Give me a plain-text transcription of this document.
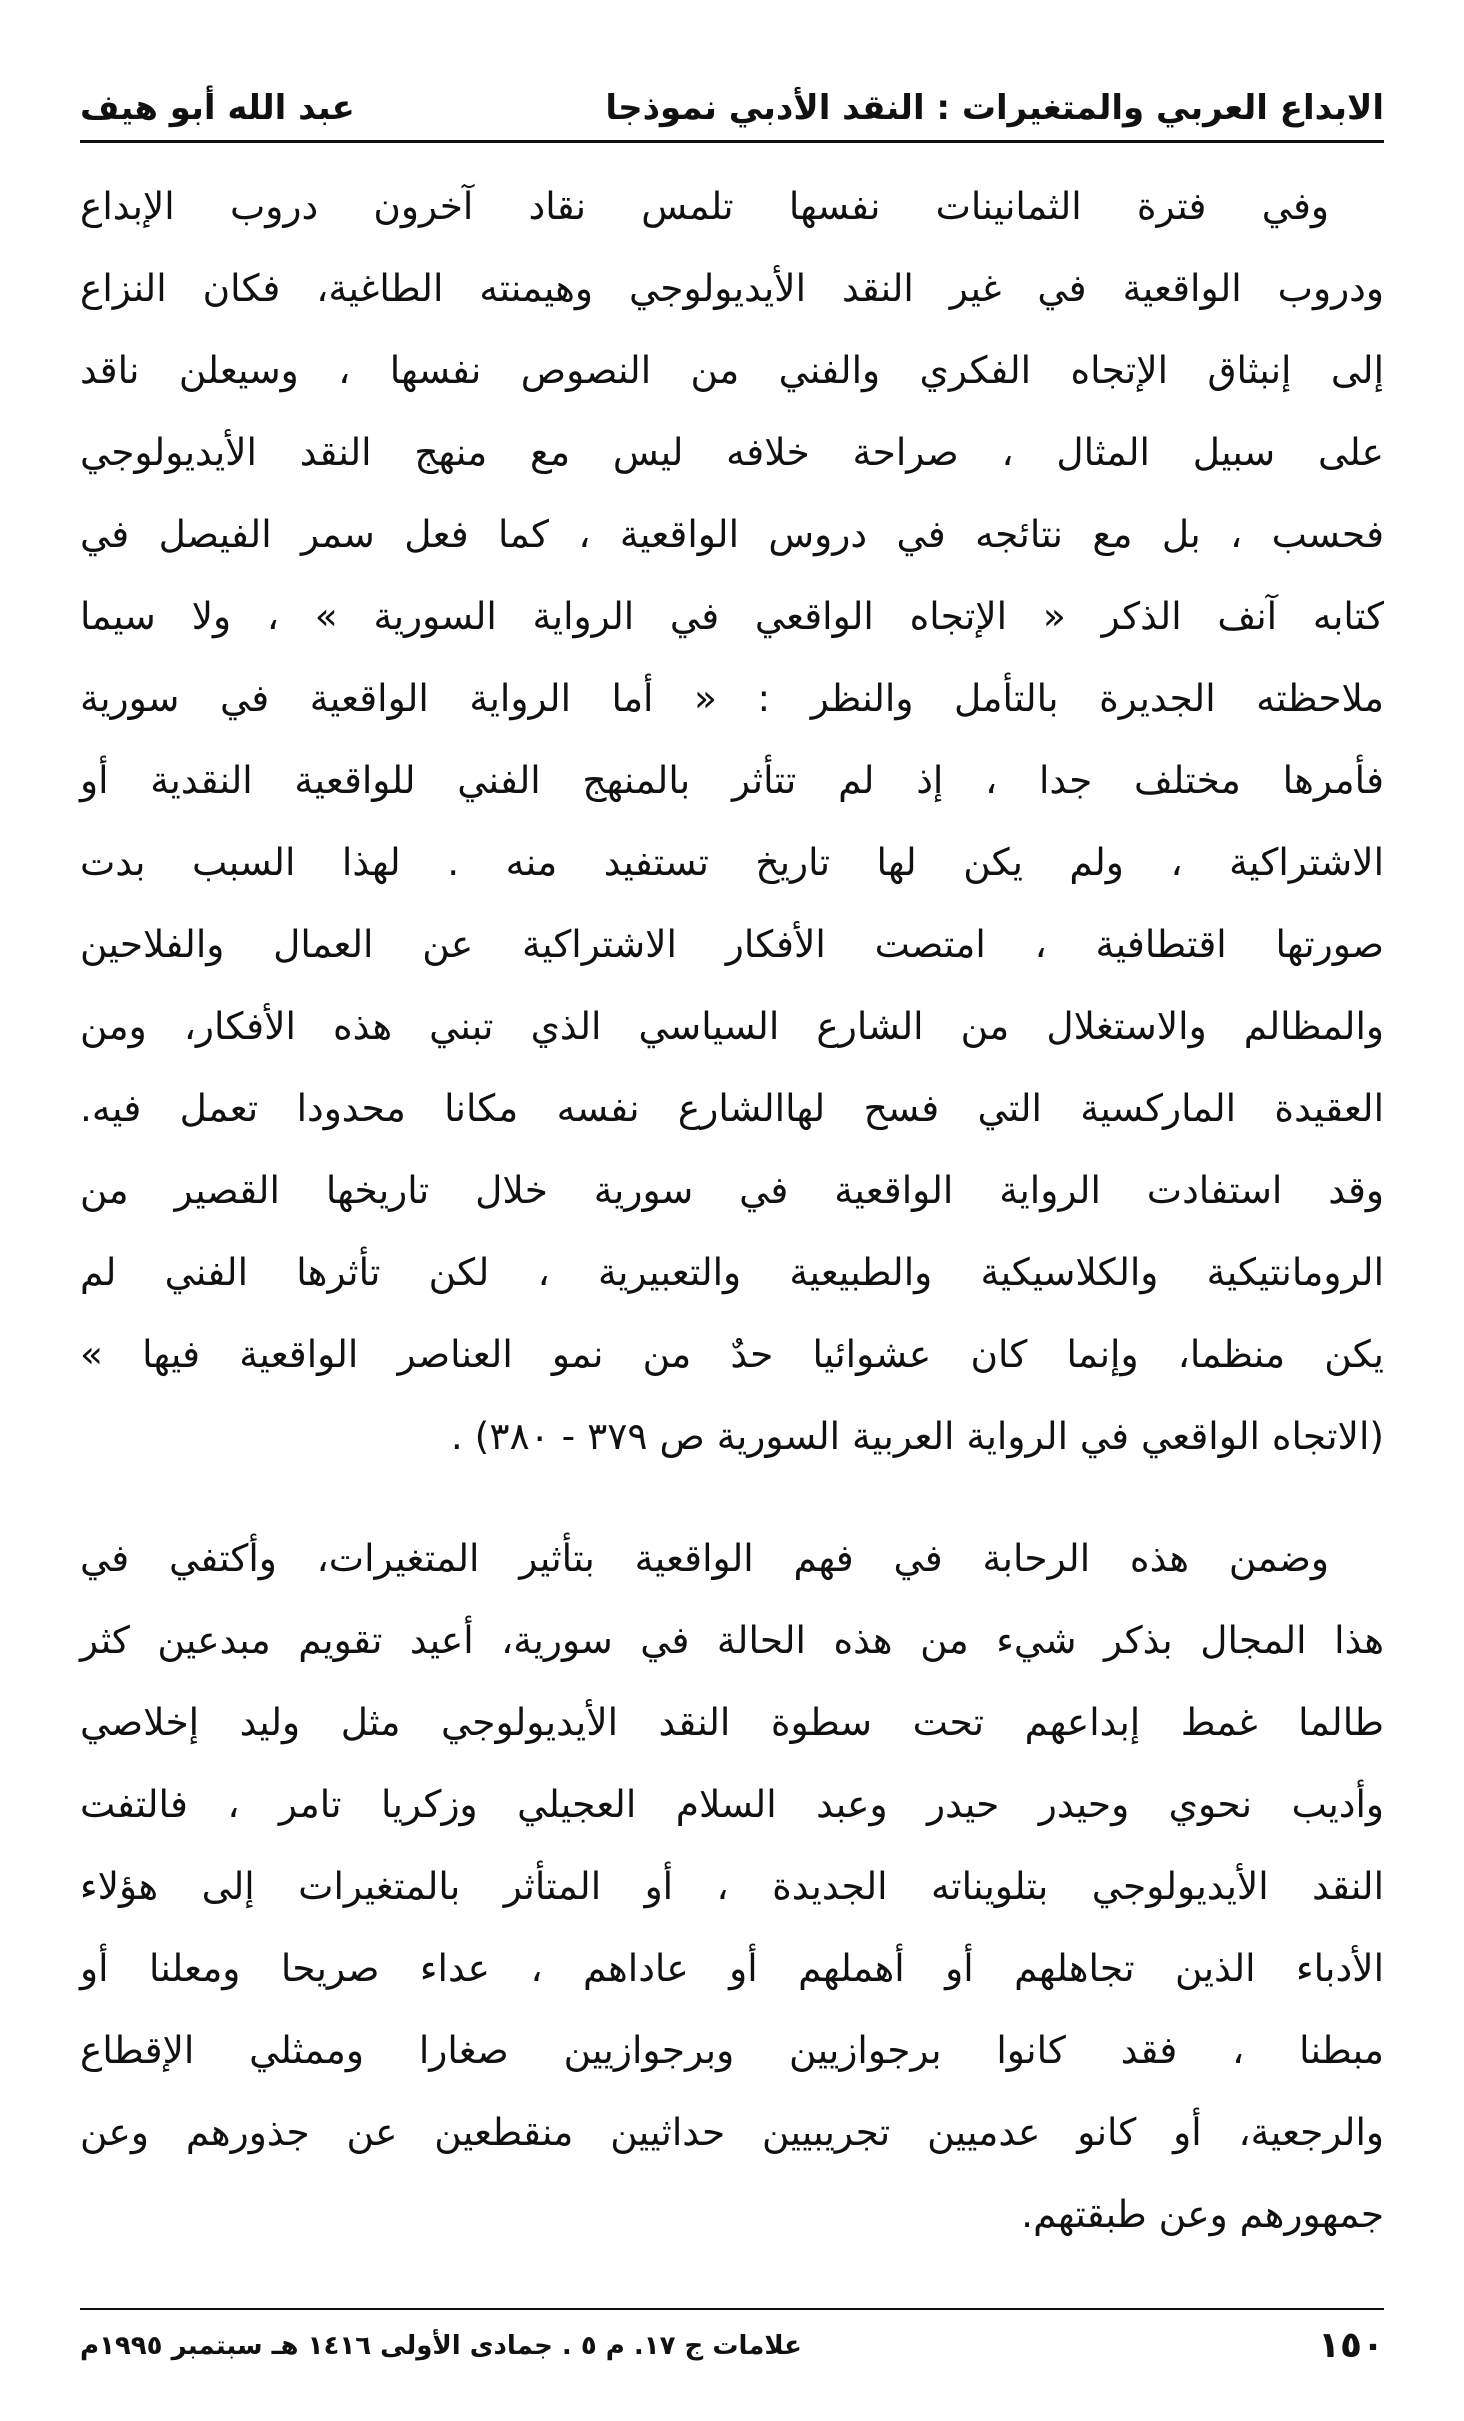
الابداع العربي والمتغيرات : النقد الأدبي نموذجا
عبد الله أبو هيف
وفي فترة الثمانينات نفسها تلمس نقاد آخرون دروب الإبداع
ودروب الواقعية في غير النقد الأيديولوجي وهيمنته الطاغية، فكان النزاع
إلى إنبثاق الإتجاه الفكري والفني من النصوص نفسها ، وسيعلن ناقد
على سبيل المثال ، صراحة خلافه ليس مع منهج النقد الأيديولوجي
فحسب ، بل مع نتائجه في دروس الواقعية ، كما فعل سمر الفيصل في
كتابه آنف الذكر « الإتجاه الواقعي في الرواية السورية » ، ولا سيما
ملاحظته الجديرة بالتأمل والنظر : « أما الرواية الواقعية في سورية
فأمرها مختلف جدا ، إذ لم تتأثر بالمنهج الفني للواقعية النقدية أو
الاشتراكية ، ولم يكن لها تاريخ تستفيد منه . لهذا السبب بدت
صورتها اقتطافية ، امتصت الأفكار الاشتراكية عن العمال والفلاحين
والمظالم والاستغلال من الشارع السياسي الذي تبني هذه الأفكار، ومن
العقيدة الماركسية التي فسح لهاالشارع نفسه مكانا محدودا تعمل فيه.
وقد استفادت الرواية الواقعية في سورية خلال تاريخها القصير من
الرومانتيكية والكلاسيكية والطبيعية والتعبيرية ، لكن تأثرها الفني لم
يكن منظما، وإنما كان عشوائيا حدٌ من نمو العناصر الواقعية فيها »
(الاتجاه الواقعي في الرواية العربية السورية ص ٣٧٩ - ٣٨٠) .
وضمن هذه الرحابة في فهم الواقعية بتأثير المتغيرات، وأكتفي في
هذا المجال بذكر شيء من هذه الحالة في سورية، أعيد تقويم مبدعين كثر
طالما غمط إبداعهم تحت سطوة النقد الأيديولوجي مثل وليد إخلاصي
وأديب نحوي وحيدر حيدر وعبد السلام العجيلي وزكريا تامر ، فالتفت
النقد الأيديولوجي بتلويناته الجديدة ، أو المتأثر بالمتغيرات إلى هؤلاء
الأدباء الذين تجاهلهم أو أهملهم أو عاداهم ، عداء صريحا ومعلنا أو
مبطنا ، فقد كانوا برجوازيين وبرجوازيين صغارا وممثلي الإقطاع
والرجعية، أو كانو عدميين تجريبيين حداثيين منقطعين عن جذورهم وعن
جمهورهم وعن طبقتهم.
١٥٠
علامات ج ١٧. م ٥ . جمادى الأولى ١٤١٦ هـ سبتمبر ١٩٩٥م
